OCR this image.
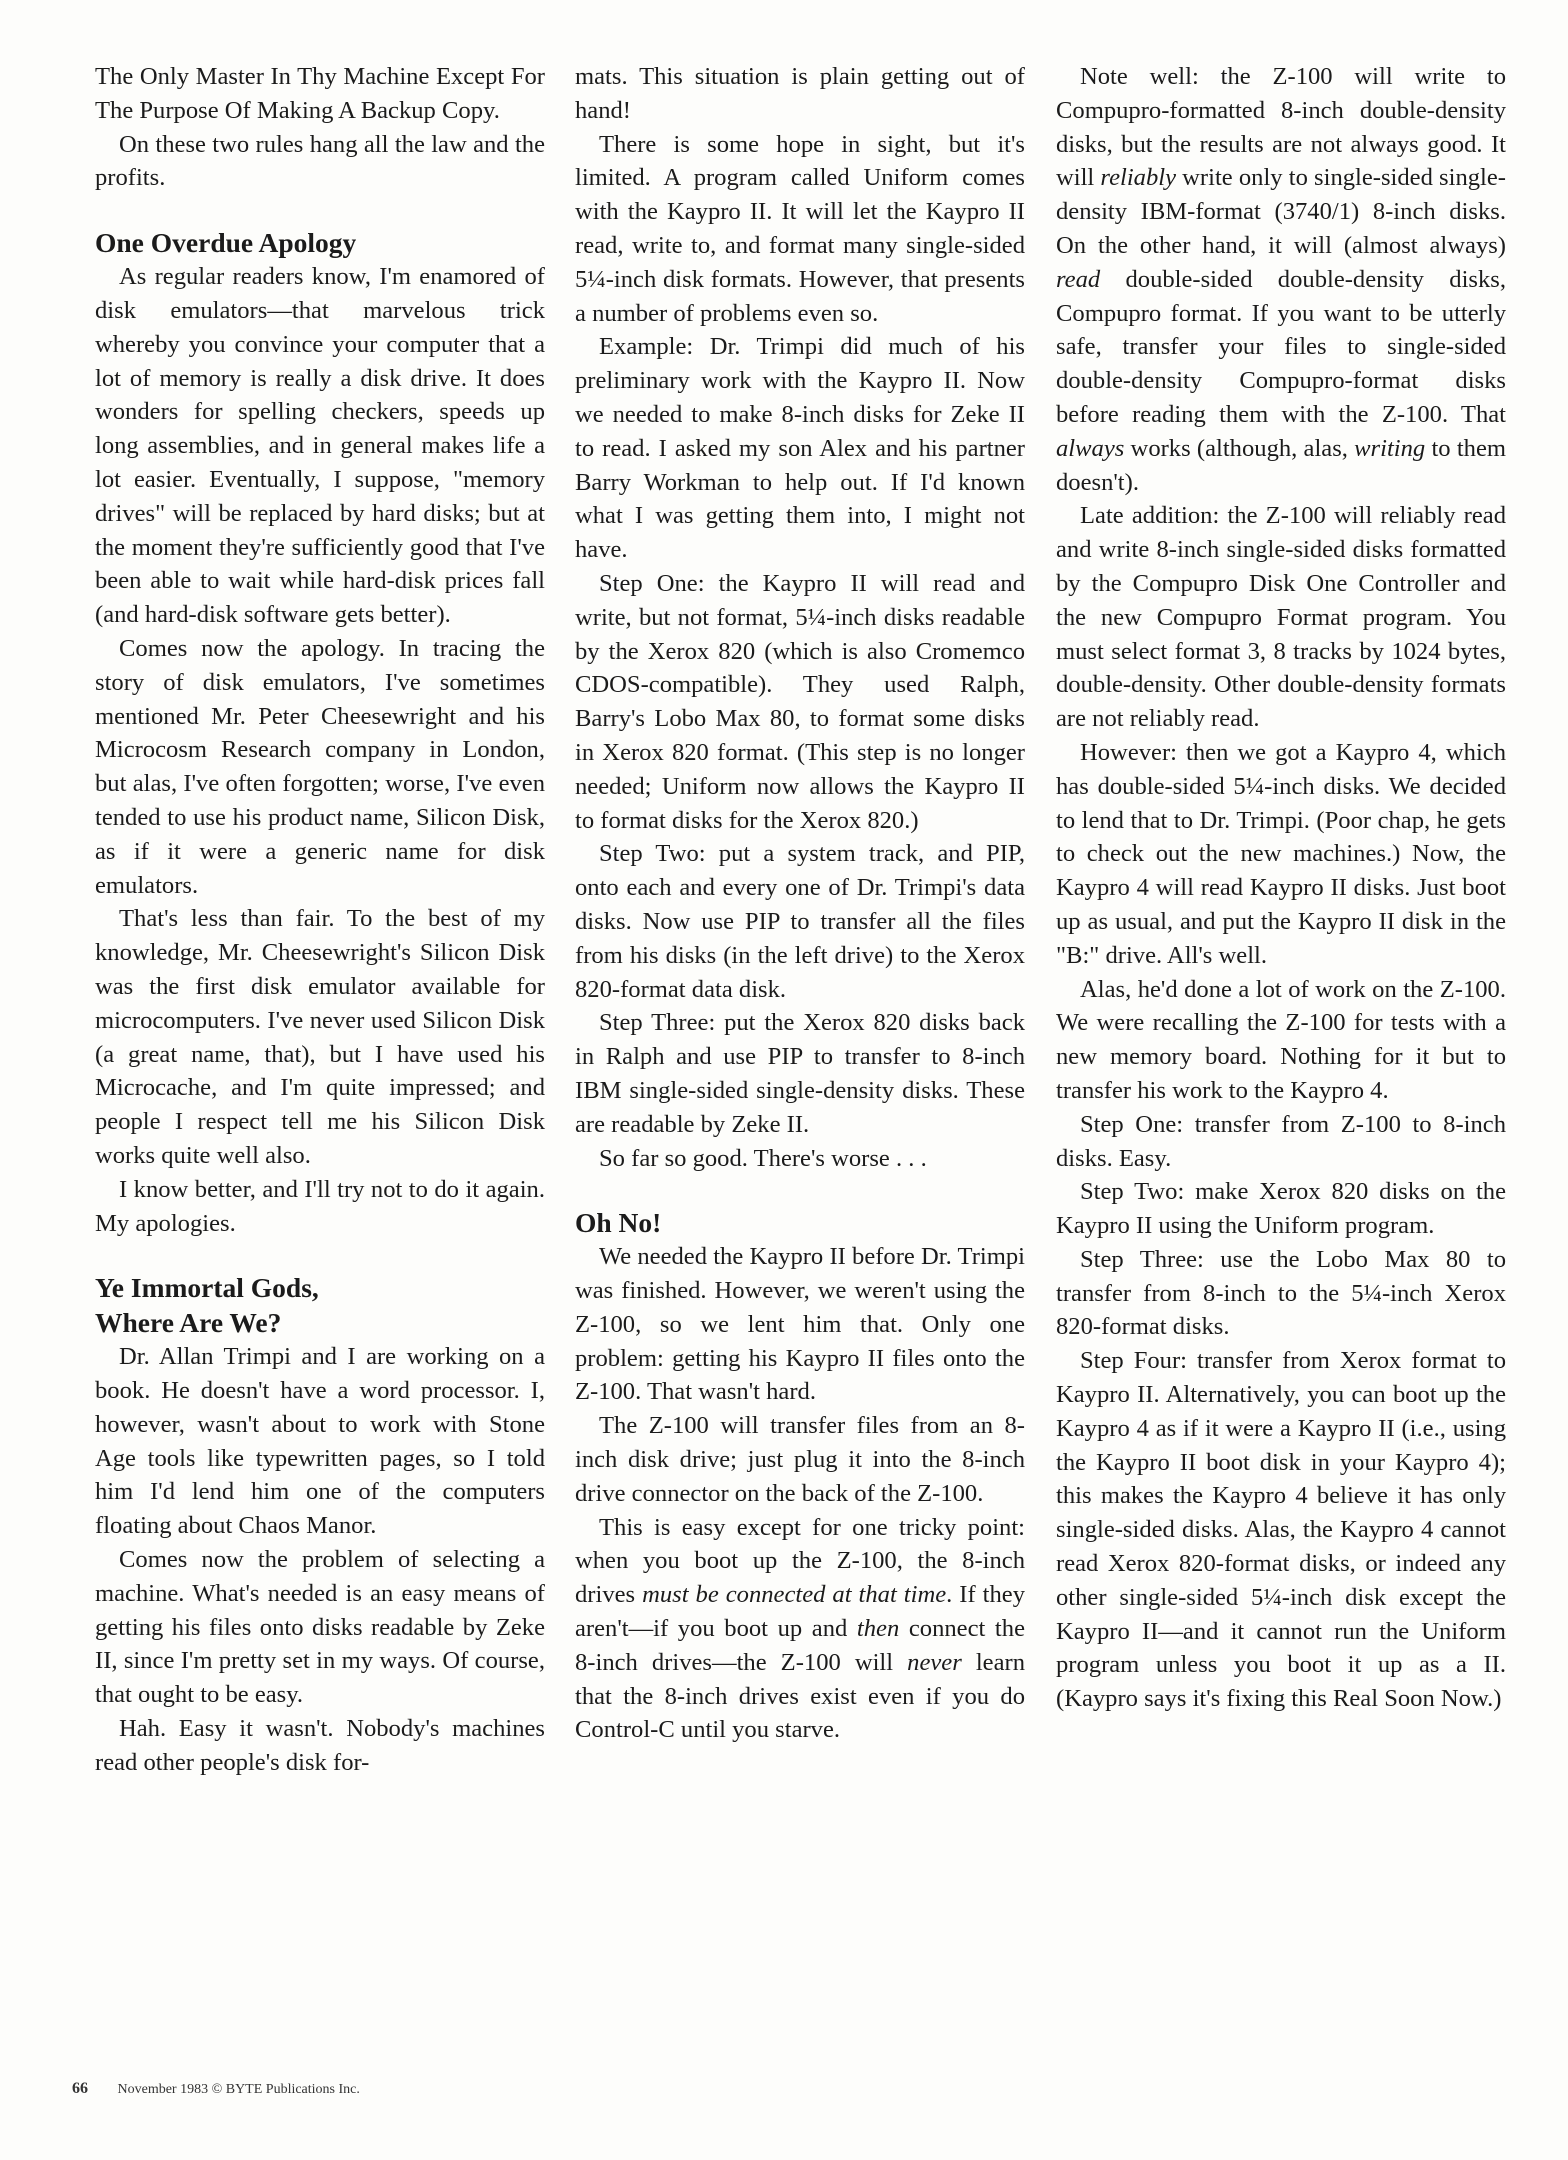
The Only Master In Thy Machine Except For The Purpose Of Making A Backup Copy.

On these two rules hang all the law and the profits.

One Overdue Apology

As regular readers know, I'm enamored of disk emulators—that marvelous trick whereby you convince your computer that a lot of memory is really a disk drive. It does wonders for spelling checkers, speeds up long assemblies, and in general makes life a lot easier. Eventually, I suppose, "memory drives" will be replaced by hard disks; but at the moment they're sufficiently good that I've been able to wait while hard-disk prices fall (and hard-disk software gets better).

Comes now the apology. In tracing the story of disk emulators, I've sometimes mentioned Mr. Peter Cheesewright and his Microcosm Research company in London, but alas, I've often forgotten; worse, I've even tended to use his product name, Silicon Disk, as if it were a generic name for disk emulators.

That's less than fair. To the best of my knowledge, Mr. Cheesewright's Silicon Disk was the first disk emulator available for microcomputers. I've never used Silicon Disk (a great name, that), but I have used his Microcache, and I'm quite impressed; and people I respect tell me his Silicon Disk works quite well also.

I know better, and I'll try not to do it again. My apologies.

Ye Immortal Gods,
Where Are We?

Dr. Allan Trimpi and I are working on a book. He doesn't have a word processor. I, however, wasn't about to work with Stone Age tools like typewritten pages, so I told him I'd lend him one of the computers floating about Chaos Manor.

Comes now the problem of selecting a machine. What's needed is an easy means of getting his files onto disks readable by Zeke II, since I'm pretty set in my ways. Of course, that ought to be easy.

Hah. Easy it wasn't. Nobody's machines read other people's disk for-

mats. This situation is plain getting out of hand!

There is some hope in sight, but it's limited. A program called Uniform comes with the Kaypro II. It will let the Kaypro II read, write to, and format many single-sided 5¼-inch disk formats. However, that presents a number of problems even so.

Example: Dr. Trimpi did much of his preliminary work with the Kaypro II. Now we needed to make 8-inch disks for Zeke II to read. I asked my son Alex and his partner Barry Workman to help out. If I'd known what I was getting them into, I might not have.

Step One: the Kaypro II will read and write, but not format, 5¼-inch disks readable by the Xerox 820 (which is also Cromemco CDOS-compatible). They used Ralph, Barry's Lobo Max 80, to format some disks in Xerox 820 format. (This step is no longer needed; Uniform now allows the Kaypro II to format disks for the Xerox 820.)

Step Two: put a system track, and PIP, onto each and every one of Dr. Trimpi's data disks. Now use PIP to transfer all the files from his disks (in the left drive) to the Xerox 820-format data disk.

Step Three: put the Xerox 820 disks back in Ralph and use PIP to transfer to 8-inch IBM single-sided single-density disks. These are readable by Zeke II.

So far so good. There's worse . . .

Oh No!

We needed the Kaypro II before Dr. Trimpi was finished. However, we weren't using the Z-100, so we lent him that. Only one problem: getting his Kaypro II files onto the Z-100. That wasn't hard.

The Z-100 will transfer files from an 8-inch disk drive; just plug it into the 8-inch drive connector on the back of the Z-100.

This is easy except for one tricky point: when you boot up the Z-100, the 8-inch drives must be connected at that time. If they aren't—if you boot up and then connect the 8-inch drives—the Z-100 will never learn that the 8-inch drives exist even if you do Control-C until you starve.

Note well: the Z-100 will write to Compupro-formatted 8-inch double-density disks, but the results are not always good. It will reliably write only to single-sided single-density IBM-format (3740/1) 8-inch disks. On the other hand, it will (almost always) read double-sided double-density disks, Compupro format. If you want to be utterly safe, transfer your files to single-sided double-density Compupro-format disks before reading them with the Z-100. That always works (although, alas, writing to them doesn't).

Late addition: the Z-100 will reliably read and write 8-inch single-sided disks formatted by the Compupro Disk One Controller and the new Compupro Format program. You must select format 3, 8 tracks by 1024 bytes, double-density. Other double-density formats are not reliably read.

However: then we got a Kaypro 4, which has double-sided 5¼-inch disks. We decided to lend that to Dr. Trimpi. (Poor chap, he gets to check out the new machines.) Now, the Kaypro 4 will read Kaypro II disks. Just boot up as usual, and put the Kaypro II disk in the "B:" drive. All's well.

Alas, he'd done a lot of work on the Z-100. We were recalling the Z-100 for tests with a new memory board. Nothing for it but to transfer his work to the Kaypro 4.

Step One: transfer from Z-100 to 8-inch disks. Easy.

Step Two: make Xerox 820 disks on the Kaypro II using the Uniform program.

Step Three: use the Lobo Max 80 to transfer from 8-inch to the 5¼-inch Xerox 820-format disks.

Step Four: transfer from Xerox format to Kaypro II. Alternatively, you can boot up the Kaypro 4 as if it were a Kaypro II (i.e., using the Kaypro II boot disk in your Kaypro 4); this makes the Kaypro 4 believe it has only single-sided disks. Alas, the Kaypro 4 cannot read Xerox 820-format disks, or indeed any other single-sided 5¼-inch disk except the Kaypro II—and it cannot run the Uniform program unless you boot it up as a II. (Kaypro says it's fixing this Real Soon Now.)

66 November 1983 © BYTE Publications Inc.
